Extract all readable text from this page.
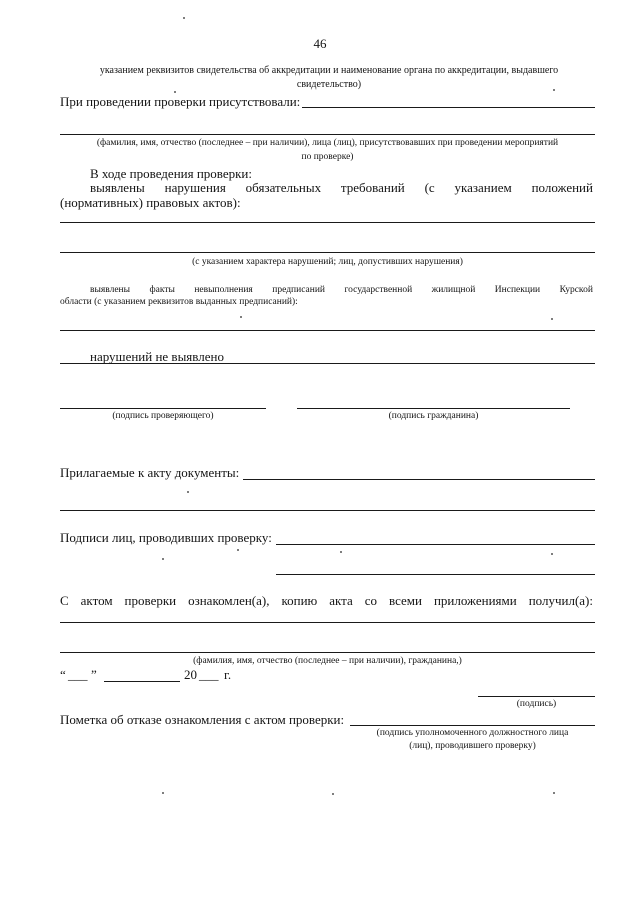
46
указанием реквизитов свидетельства об аккредитации и наименование органа по аккредитации, выдавшего
свидетельство)
При проведении проверки присутствовали:
(фамилия, имя, отчество (последнее – при наличии), лица (лиц), присутствовавших при проведении мероприятий
по проверке)
В ходе проведения проверки:
выявлены нарушения обязательных требований (с указанием положений
(нормативных) правовых актов):
(с указанием характера нарушений; лиц, допустивших нарушения)
выявлены факты невыполнения предписаний государственной жилищной Инспекции Курской
области (с указанием реквизитов выданных предписаний):
нарушений не выявлено
(подпись проверяющего)	(подпись гражданина)
Прилагаемые к акту документы:
Подписи лиц, проводивших проверку:
С актом проверки ознакомлен(а), копию акта со всеми приложениями получил(а):
(фамилия, имя, отчество (последнее – при наличии), гражданина,)
“ ___ ”	20 ___ г.
(подпись)
Пометка об отказе ознакомления с актом проверки:
(подпись уполномоченного должностного лица
(лиц), проводившего проверку)
